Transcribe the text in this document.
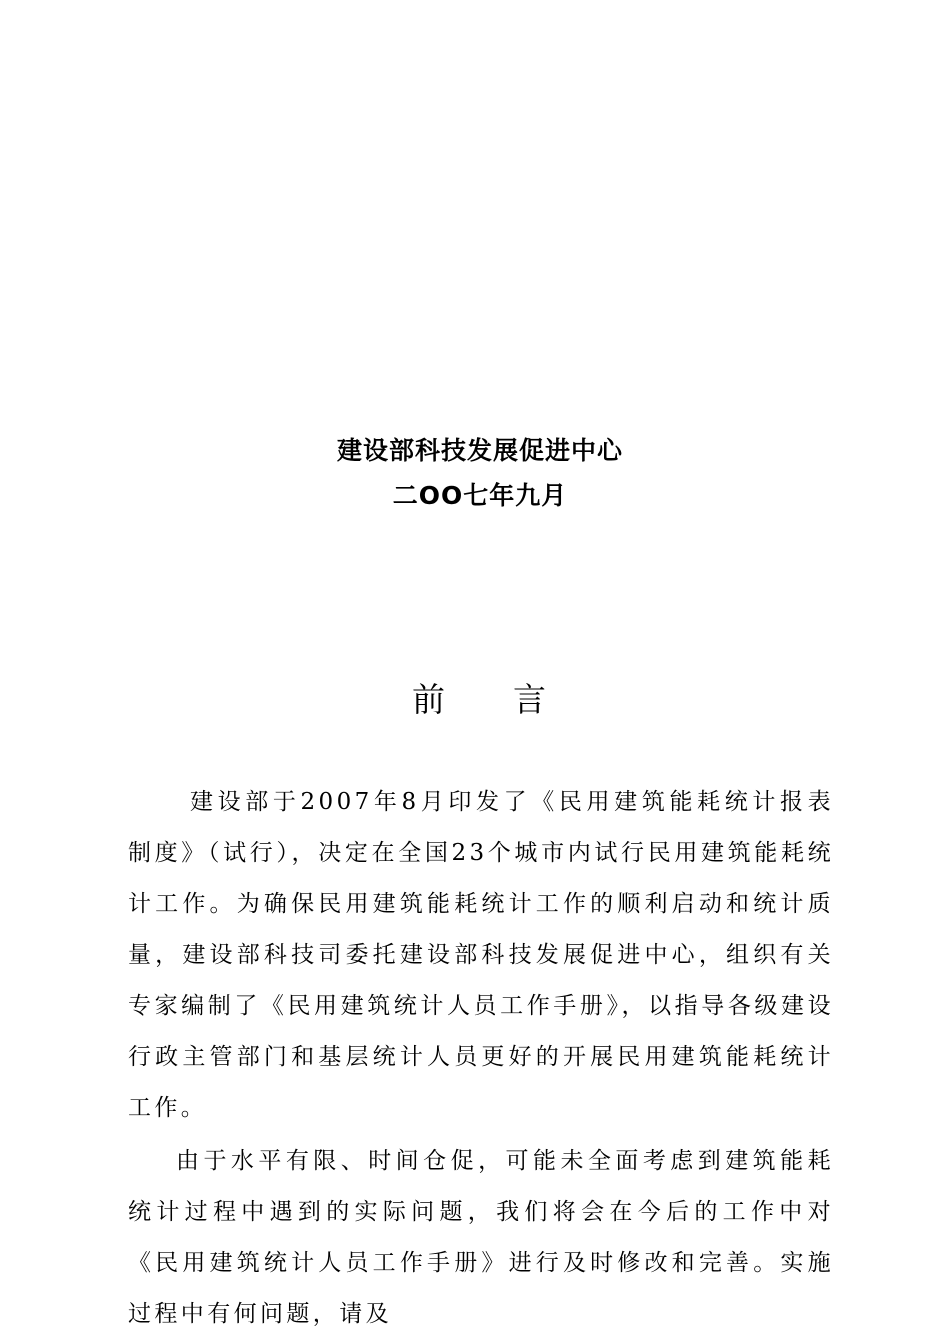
建设部科技发展促进中心
二OO七年九月
前 言

建设部于2007年8月印发了《民用建筑能耗统计报表制度》（试行），决定在全国23个城市内试行民用建筑能耗统计工作。为确保民用建筑能耗统计工作的顺利启动和统计质量，建设部科技司委托建设部科技发展促进中心，组织有关专家编制了《民用建筑统计人员工作手册》，以指导各级建设行政主管部门和基层统计人员更好的开展民用建筑能耗统计工作。

由于水平有限、时间仓促，可能未全面考虑到建筑能耗统计过程中遇到的实际问题，我们将会在今后的工作中对《民用建筑统计人员工作手册》进行及时修改和完善。实施过程中有何问题，请及
